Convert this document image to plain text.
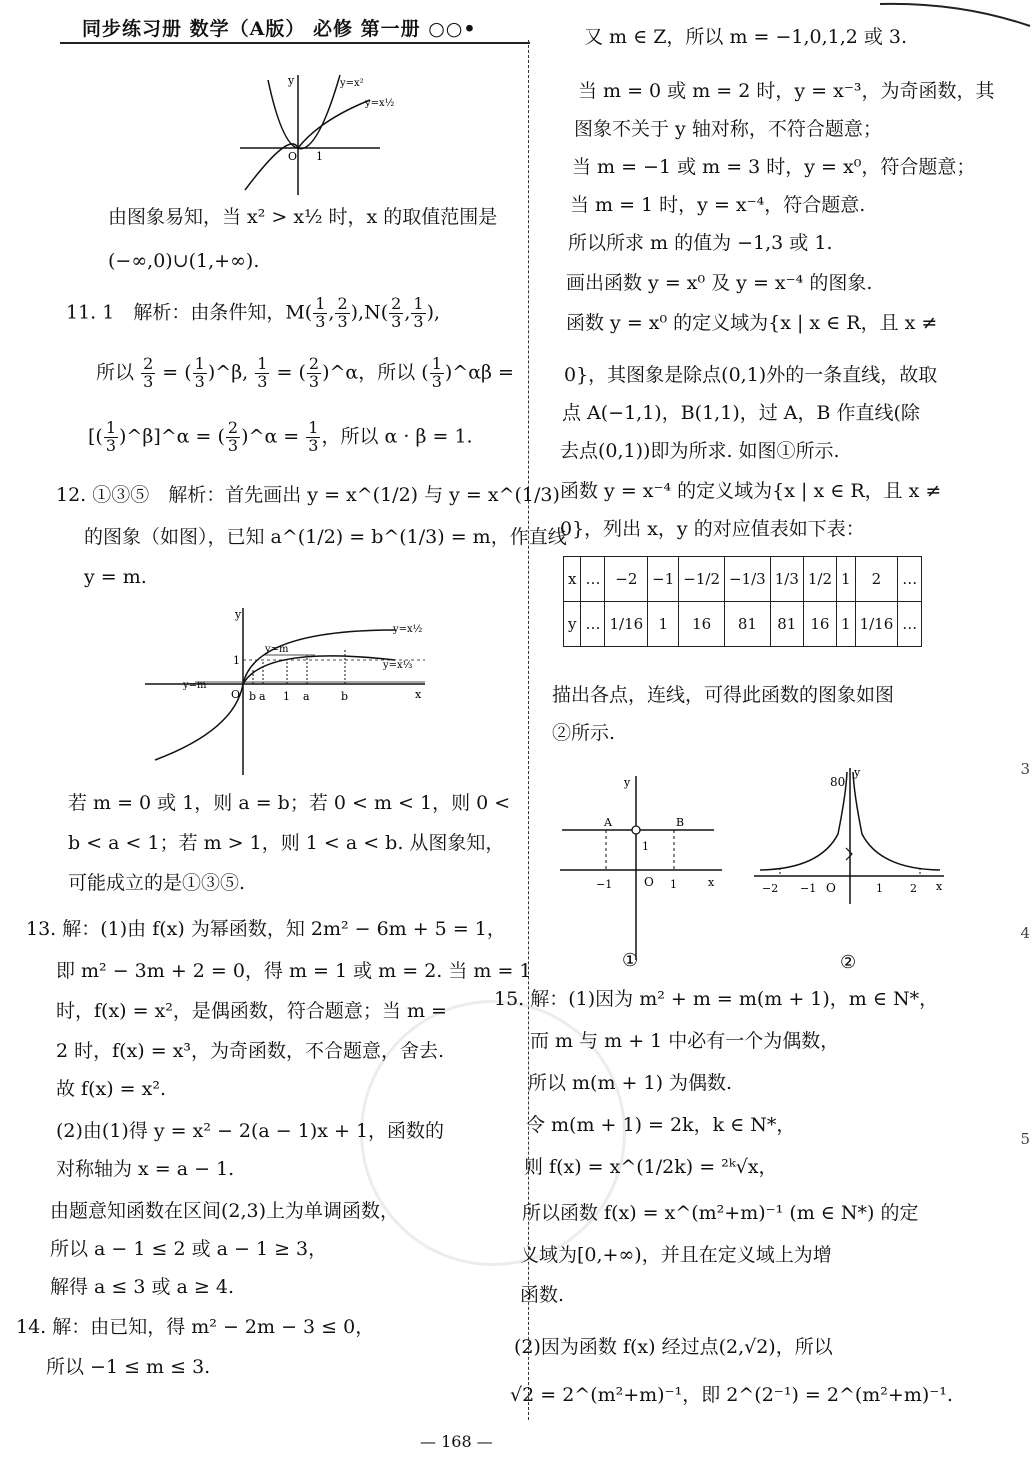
同步练习册 数学（A版） 必修 第一册 ○○•
y	y=x²
y=x½
O 1
由图象易知，当 x² > x½ 时，x 的取值范围是
(−∞,0)∪(1,+∞).
11. 1　解析：由条件知，$M( \frac{1}{3}$ , $\frac{2}{3} ),N( \frac{2}{3}$ , $\frac{1}{3}$ ),
所以 $\frac{2}{3}$ = ( $\frac{1}{3}$ )^β, $\frac{1}{3}$ = ( $\frac{2}{3}$ )^α，所以 ( $\frac{1}{3}$ )^αβ =
[( $\frac{1}{3}$ )^β]^α = ( $\frac{2}{3}$ )^α = $\frac{1}{3}$ ，所以 α · β = 1.
12. ①③⑤　解析：首先画出 y = x^(1/2) 与 y = x^(1/3)
的图象（如图），已知 a^(1/2) = b^(1/3) = m，作直线
y = m.
y
x
O
1
y=m
y=m
y=x½
y=x⅓
b a 1 a	b
若 m = 0 或 1，则 a = b；若 0 < m < 1，则 0 <
b < a < 1；若 m > 1，则 1 < a < b. 从图象知，
可能成立的是①③⑤.
13. 解：(1)由 f(x) 为幂函数，知 2m² − 6m + 5 = 1，
即 m² − 3m + 2 = 0，得 m = 1 或 m = 2. 当 m = 1
时，f(x) = x²，是偶函数，符合题意；当 m =
2 时，f(x) = x³，为奇函数，不合题意，舍去.
故 f(x) = x².
(2)由(1)得 y = x² − 2(a − 1)x + 1，函数的
对称轴为 x = a − 1.
由题意知函数在区间(2,3)上为单调函数，
所以 a − 1 ≤ 2 或 a − 1 ≥ 3，
解得 a ≤ 3 或 a ≥ 4.
14. 解：由已知，得 m² − 2m − 3 ≤ 0，
所以 −1 ≤ m ≤ 3.
又 m ∈ Z，所以 m = −1,0,1,2 或 3.
当 m = 0 或 m = 2 时，y = x⁻³，为奇函数，其
图象不关于 y 轴对称，不符合题意；
当 m = −1 或 m = 3 时，y = x⁰，符合题意；
当 m = 1 时，y = x⁻⁴，符合题意.
所以所求 m 的值为 −1,3 或 1.
画出函数 y = x⁰ 及 y = x⁻⁴ 的图象.
函数 y = x⁰ 的定义域为{x | x ∈ R，且 x ≠
0}，其图象是除点(0,1)外的一条直线，故取
点 A(−1,1)，B(1,1)，过 A，B 作直线(除
去点(0,1))即为所求. 如图①所示.
函数 y = x⁻⁴ 的定义域为{x | x ∈ R，且 x ≠
0}，列出 x，y 的对应值表如下表：
x	…	−2	−1	−1/2	−1/3	1/3	1/2	1	2	…
y	…	1/16	1	16	81	81	16	1	1/16	…
描出各点，连线，可得此函数的图象如图
②所示.
y
x
A	B
O
1
−1	1
①
y
x
80
O
−2 −1	1 2
②
15. 解：(1)因为 m² + m = m(m + 1)，m ∈ N*，
而 m 与 m + 1 中必有一个为偶数，
所以 m(m + 1) 为偶数.
令 m(m + 1) = 2k，k ∈ N*，
则 f(x) = x^(1/2k) = ²ᵏ√x，
所以函数 f(x) = x^(m²+m)⁻¹ (m ∈ N*) 的定
义域为[0,+∞)，并且在定义域上为增
函数.
(2)因为函数 f(x) 经过点(2,√2)，所以
√2 = 2^(m²+m)⁻¹，即 2^(2⁻¹) = 2^(m²+m)⁻¹.
3
4
5
— 168 —
